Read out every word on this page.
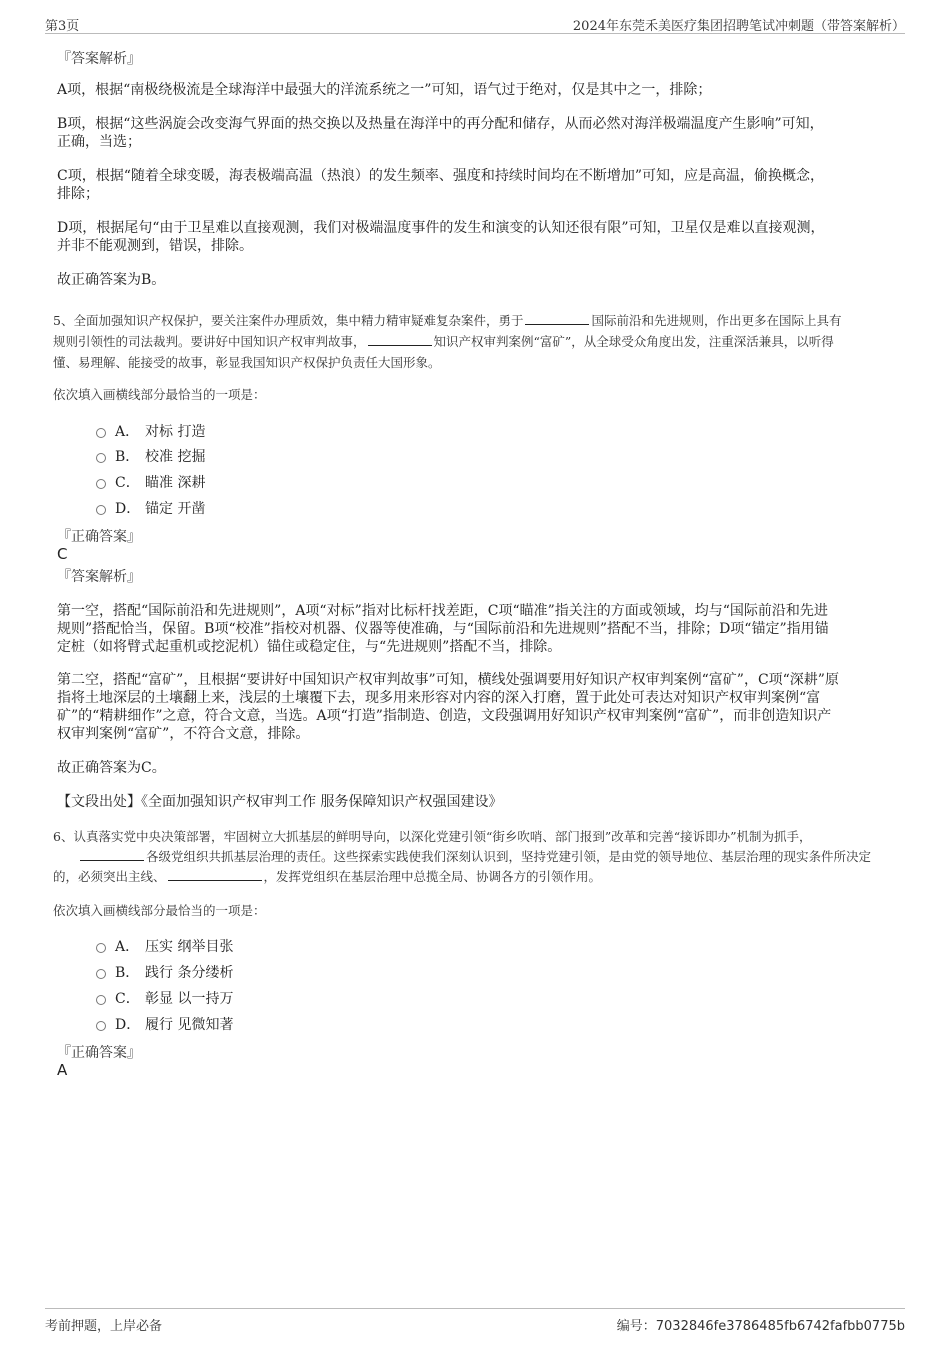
第3页	2024年东莞禾美医疗集团招聘笔试冲刺题（带答案解析）
『答案解析』
A项，根据“南极绕极流是全球海洋中最强大的洋流系统之一”可知，语气过于绝对，仅是其中之一，排除；
B项，根据“这些涡旋会改变海气界面的热交换以及热量在海洋中的再分配和储存，从而必然对海洋极端温度产生影响”可知，
正确，当选；
C项，根据“随着全球变暖，海表极端高温（热浪）的发生频率、强度和持续时间均在不断增加”可知，应是高温，偷换概念，
排除；
D项，根据尾句“由于卫星难以直接观测，我们对极端温度事件的发生和演变的认知还很有限”可知，卫星仅是难以直接观测，
并非不能观测到，错误，排除。
故正确答案为B。
5、全面加强知识产权保护，要关注案件办理质效，集中精力精审疑难复杂案件，勇于	国际前沿和先进规则，作出更多在国际上具有
规则引领性的司法裁判。要讲好中国知识产权审判故事，	知识产权审判案例“富矿”，从全球受众角度出发，注重深活兼具，以听得
懂、易理解、能接受的故事，彰显我国知识产权保护负责任大国形象。
依次填入画横线部分最恰当的一项是：
A． 对标 打造
B． 校准 挖掘
C． 瞄准 深耕
D． 锚定 开凿
『正确答案』
C
『答案解析』
第一空，搭配“国际前沿和先进规则”，A项“对标”指对比标杆找差距，C项“瞄准”指关注的方面或领域，均与“国际前沿和先进
规则”搭配恰当，保留。B项“校准”指校对机器、仪器等使准确，与“国际前沿和先进规则”搭配不当，排除；D项“锚定”指用锚
定桩（如将臂式起重机或挖泥机）锚住或稳定住，与“先进规则”搭配不当，排除。
第二空，搭配“富矿”，且根据“要讲好中国知识产权审判故事”可知，横线处强调要用好知识产权审判案例“富矿”，C项“深耕”原
指将土地深层的土壤翻上来，浅层的土壤覆下去，现多用来形容对内容的深入打磨，置于此处可表达对知识产权审判案例“富
矿”的“精耕细作”之意，符合文意，当选。A项“打造”指制造、创造，文段强调用好知识产权审判案例“富矿”，而非创造知识产
权审判案例“富矿”，不符合文意，排除。
故正确答案为C。
【文段出处】《全面加强知识产权审判工作 服务保障知识产权强国建设》
6、认真落实党中央决策部署，牢固树立大抓基层的鲜明导向，以深化党建引领“街乡吹哨、部门报到”改革和完善“接诉即办”机制为抓手，
各级党组织共抓基层治理的责任。这些探索实践使我们深刻认识到，坚持党建引领，是由党的领导地位、基层治理的现实条件所决定
的，必须突出主线、	，发挥党组织在基层治理中总揽全局、协调各方的引领作用。
依次填入画横线部分最恰当的一项是：
A． 压实 纲举目张
B． 践行 条分缕析
C． 彰显 以一持万
D． 履行 见微知著
『正确答案』
A
考前押题，上岸必备	编号：7032846fe3786485fb6742fafbb0775b
